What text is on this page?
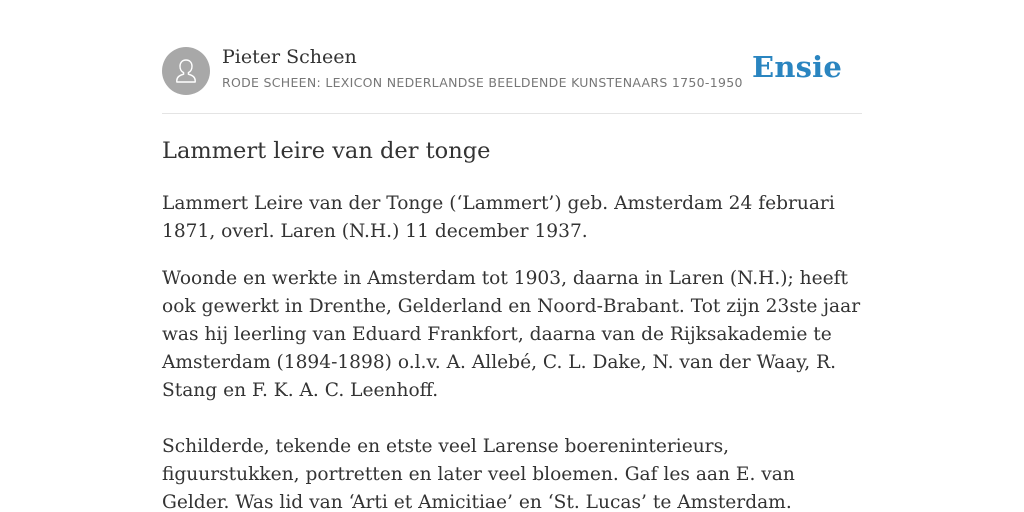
Pieter Scheen
RODE SCHEEN: LEXICON NEDERLANDSE BEELDENDE KUNSTENAARS 1750-1950 Ensie
Lammert leire van der tonge

Lammert Leire van der Tonge (‘Lammert’) geb. Amsterdam 24 februari 1871, overl. Laren (N.H.) 11 december 1937.

Woonde en werkte in Amsterdam tot 1903, daarna in Laren (N.H.); heeft ook gewerkt in Drenthe, Gelderland en Noord-Brabant. Tot zijn 23ste jaar was hij leerling van Eduard Frankfort, daarna van de Rijksakademie te Amsterdam (1894-1898) o.l.v. A. Allebé, C. L. Dake, N. van der Waay, R. Stang en F. K. A. C. Leenhoff.

Schilderde, tekende en etste veel Larense boereninterieurs, figuurstukken, portretten en later veel bloemen. Gaf les aan E. van Gelder. Was lid van ‘Arti et Amicitiae’ en ‘St. Lucas’ te Amsterdam.
